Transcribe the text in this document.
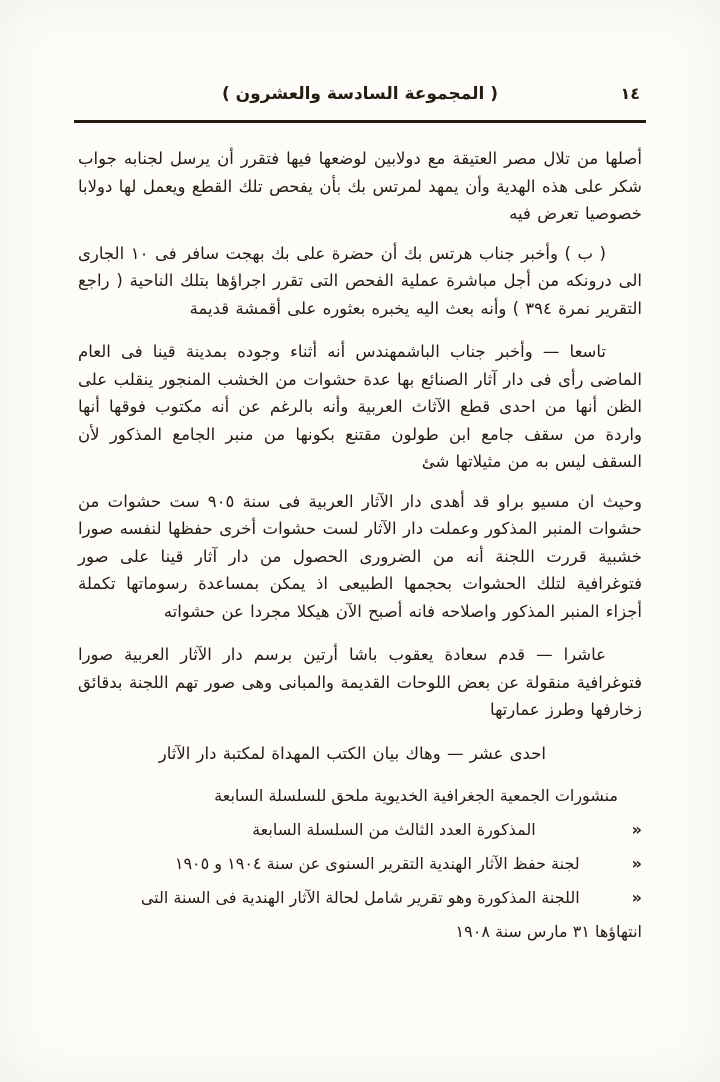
( المجموعة السادسة والعشرون )	١٤

أصلها من تلال مصر العتيقة مع دولابين لوضعها فيها فتقرر أن يرسل لجنابه جواب شكر على هذه الهدية وأن يمهد لمرتس بك بأن يفحص تلك القطع ويعمل لها دولابا خصوصيا تعرض فيه

( ب ) وأخبر جناب هرتس بك أن حضرة على بك بهجت سافر فى ١٠ الجارى الى درونكه من أجل مباشرة عملية الفحص التى تقرر اجراؤها بتلك الناحية ( راجع التقرير نمرة ٣٩٤ ) وأنه بعث اليه يخبره بعثوره على أقمشة قديمة

تاسعا — وأخبر جناب الباشمهندس أنه أثناء وجوده بمدينة قينا فى العام الماضى رأى فى دار آثار الصنائع بها عدة حشوات من الخشب المنجور ينقلب على الظن أنها من احدى قطع الآثاث العربية وأنه بالرغم عن أنه مكتوب فوقها أنها واردة من سقف جامع ابن طولون مقتنع بكونها من منبر الجامع المذكور لأن السقف ليس به من مثيلاتها شئ

وحيث ان مسيو براو قد أهدى دار الآثار العربية فى سنة ٩٠٥ ست حشوات من حشوات المنبر المذكور وعملت دار الآثار لست حشوات أخرى حفظها لنفسه صورا خشبية قررت اللجنة أنه من الضرورى الحصول من دار آثار قينا على صور فتوغرافية لتلك الحشوات بحجمها الطبيعى اذ يمكن بمساعدة رسوماتها تكملة أجزاء المنبر المذكور واصلاحه فانه أصبح الآن هيكلا مجردا عن حشواته

عاشرا — قدم سعادة يعقوب باشا أرتين برسم دار الآثار العربية صورا فتوغرافية منقولة عن بعض اللوحات القديمة والمبانى وهى صور تهم اللجنة بدقائق زخارفها وطرز عمارتها

احدى عشر — وهاك بيان الكتب المهداة لمكتبة دار الآثار

منشورات الجمعية الجغرافية الخديوية ملحق للسلسلة السابعة
«المذكورة العدد الثالث من السلسلة السابعة
«لجنة حفظ الآثار الهندية التقرير السنوى عن سنة ١٩٠٤ و ١٩٠٥
«اللجنة المذكورة وهو تقرير شامل لحالة الآثار الهندية فى السنة التى
انتهاؤها ٣١ مارس سنة ١٩٠٨
